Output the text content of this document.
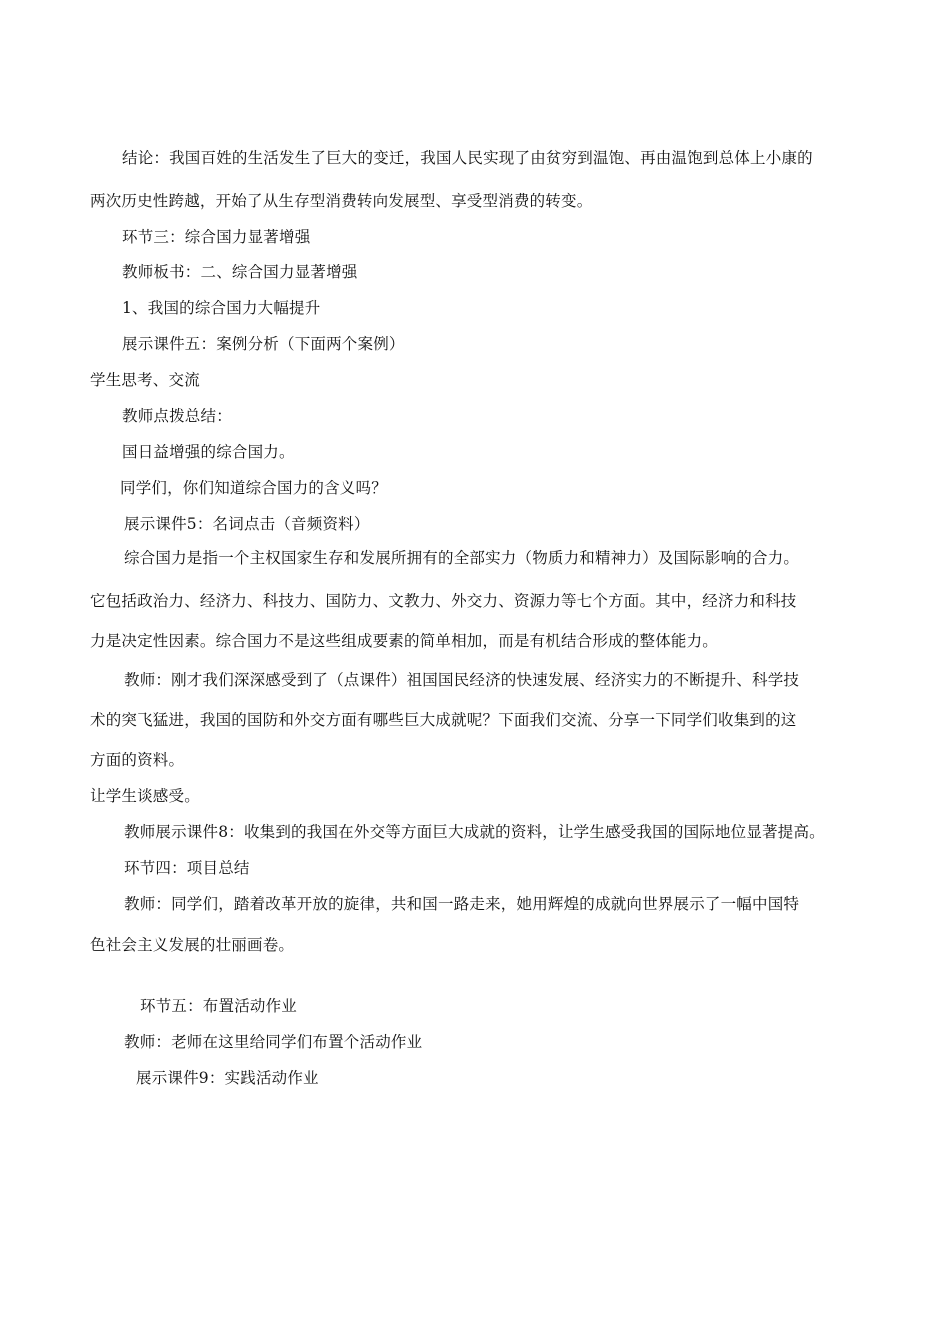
结论：我国百姓的生活发生了巨大的变迁，我国人民实现了由贫穷到温饱、再由温饱到总体上小康的
两次历史性跨越，开始了从生存型消费转向发展型、享受型消费的转变。
环节三：综合国力显著增强
教师板书：二、综合国力显著增强
1、我国的综合国力大幅提升
展示课件五：案例分析（下面两个案例）
学生思考、交流
教师点拨总结：
国日益增强的综合国力。
同学们，你们知道综合国力的含义吗？
展示课件5：名词点击（音频资料）
综合国力是指一个主权国家生存和发展所拥有的全部实力（物质力和精神力）及国际影响的合力。
它包括政治力、经济力、科技力、国防力、文教力、外交力、资源力等七个方面。其中，经济力和科技
力是决定性因素。综合国力不是这些组成要素的简单相加，而是有机结合形成的整体能力。
教师：刚才我们深深感受到了（点课件）祖国国民经济的快速发展、经济实力的不断提升、科学技
术的突飞猛进，我国的国防和外交方面有哪些巨大成就呢？下面我们交流、分享一下同学们收集到的这
方面的资料。
让学生谈感受。
教师展示课件8：收集到的我国在外交等方面巨大成就的资料，让学生感受我国的国际地位显著提高。
环节四：项目总结
教师：同学们，踏着改革开放的旋律，共和国一路走来，她用辉煌的成就向世界展示了一幅中国特
色社会主义发展的壮丽画卷。
环节五：布置活动作业
教师：老师在这里给同学们布置个活动作业
展示课件9：实践活动作业
